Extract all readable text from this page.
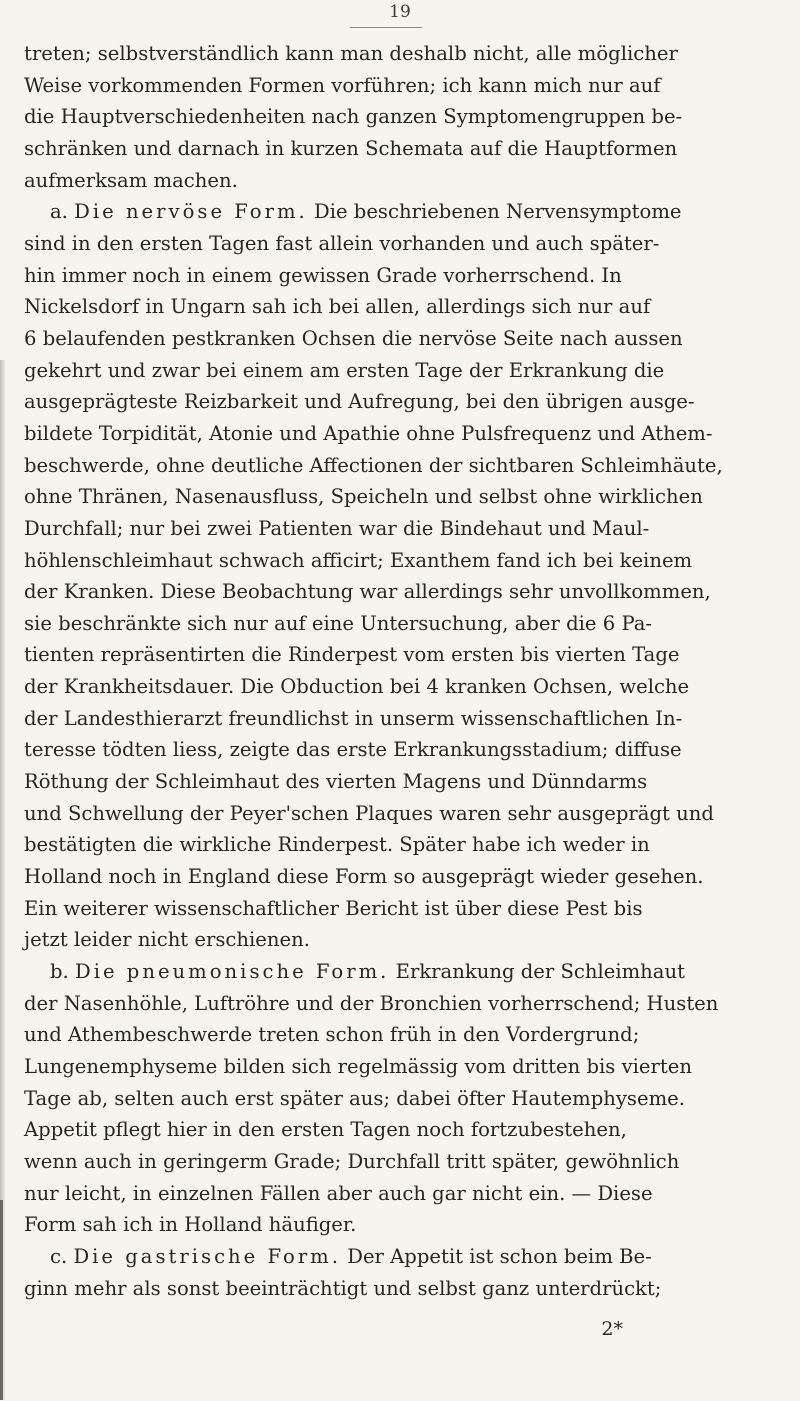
19
treten; selbstverständlich kann man deshalb nicht, alle möglicher
Weise vorkommenden Formen vorführen; ich kann mich nur auf
die Hauptverschiedenheiten nach ganzen Symptomengruppen be-
schränken und darnach in kurzen Schemata auf die Hauptformen
aufmerksam machen.
a. Die nervöse Form. Die beschriebenen Nervensymptome
sind in den ersten Tagen fast allein vorhanden und auch später-
hin immer noch in einem gewissen Grade vorherrschend. In
Nickelsdorf in Ungarn sah ich bei allen, allerdings sich nur auf
6 belaufenden pestkranken Ochsen die nervöse Seite nach aussen
gekehrt und zwar bei einem am ersten Tage der Erkrankung die
ausgeprägteste Reizbarkeit und Aufregung, bei den übrigen ausge-
bildete Torpidität, Atonie und Apathie ohne Pulsfrequenz und Athem-
beschwerde, ohne deutliche Affectionen der sichtbaren Schleimhäute,
ohne Thränen, Nasenausfluss, Speicheln und selbst ohne wirklichen
Durchfall; nur bei zwei Patienten war die Bindehaut und Maul-
höhlenschleimhaut schwach afficirt; Exanthem fand ich bei keinem
der Kranken. Diese Beobachtung war allerdings sehr unvollkommen,
sie beschränkte sich nur auf eine Untersuchung, aber die 6 Pa-
tienten repräsentirten die Rinderpest vom ersten bis vierten Tage
der Krankheitsdauer. Die Obduction bei 4 kranken Ochsen, welche
der Landesthierarzt freundlichst in unserm wissenschaftlichen In-
teresse tödten liess, zeigte das erste Erkrankungsstadium; diffuse
Röthung der Schleimhaut des vierten Magens und Dünndarms
und Schwellung der Peyer'schen Plaques waren sehr ausgeprägt und
bestätigten die wirkliche Rinderpest. Später habe ich weder in
Holland noch in England diese Form so ausgeprägt wieder gesehen.
Ein weiterer wissenschaftlicher Bericht ist über diese Pest bis
jetzt leider nicht erschienen.
b. Die pneumonische Form. Erkrankung der Schleimhaut
der Nasenhöhle, Luftröhre und der Bronchien vorherrschend; Husten
und Athembeschwerde treten schon früh in den Vordergrund;
Lungenemphyseme bilden sich regelmässig vom dritten bis vierten
Tage ab, selten auch erst später aus; dabei öfter Hautemphyseme.
Appetit pflegt hier in den ersten Tagen noch fortzubestehen,
wenn auch in geringerm Grade; Durchfall tritt später, gewöhnlich
nur leicht, in einzelnen Fällen aber auch gar nicht ein. — Diese
Form sah ich in Holland häufiger.
c. Die gastrische Form. Der Appetit ist schon beim Be-
ginn mehr als sonst beeinträchtigt und selbst ganz unterdrückt;
2*
